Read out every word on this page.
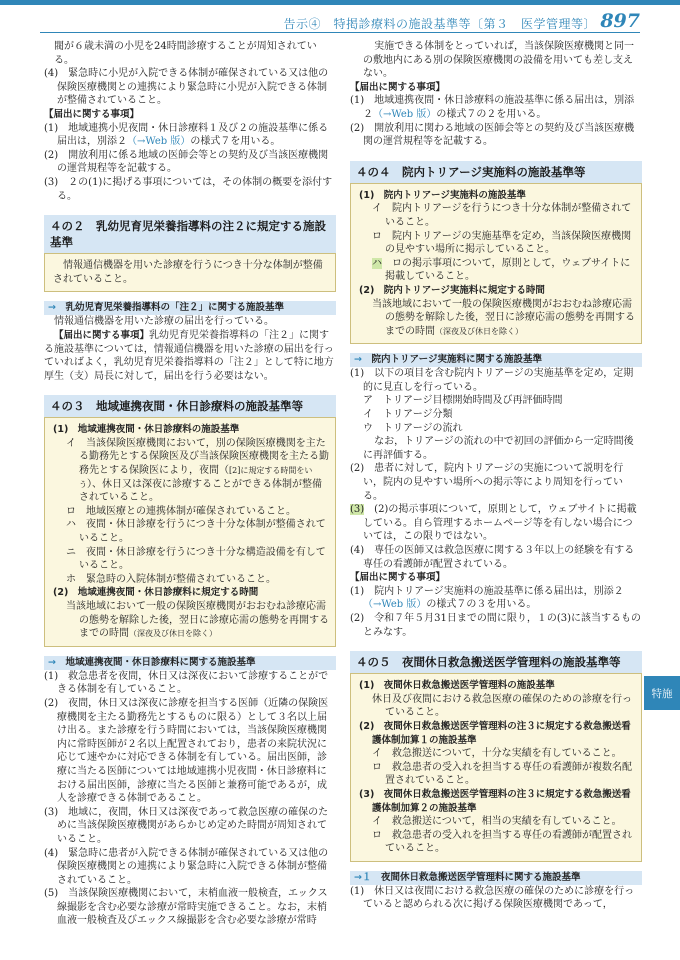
告示④　特掲診療料の施設基準等〔第３　医学管理等〕 897

閥が６歳未満の小児を24時間診療することが周知されてい

る。

(4)　緊急時に小児が入院できる体制が確保されている又は他の保険医療機関との連携により緊急時に小児が入院できる体制が整備されていること。

【届出に関する事項】

(1)　地域連携小児夜間・休日診療料１及び２の施設基準に係る届出は，別添２（→Web 版）の様式７を用いる。

(2)　開放利用に係る地域の医師会等との契約及び当該医療機関の運営規程等を記載する。

(3)　２の(1)に掲げる事項については，その体制の概要を添付する。

４の２　乳幼児育児栄養指導料の注２に規定する施設基準

情報通信機器を用いた診療を行うにつき十分な体制が整備されていること。

→　乳幼児育児栄養指導料の「注２」に関する施設基準

情報通信機器を用いた診療の届出を行っている。

【届出に関する事項】乳幼児育児栄養指導料の「注２」に関する施設基準については，情報通信機器を用いた診療の届出を行っていればよく，乳幼児育児栄養指導料の「注２」として特に地方厚生（支）局長に対して，届出を行う必要はない。

４の３　地域連携夜間・休日診療料の施設基準等

(1)　地域連携夜間・休日診療料の施設基準

イ　当該保険医療機関において，別の保険医療機関を主たる勤務先とする保険医及び当該保険医療機関を主たる勤務先とする保険医により，夜間（[2]に規定する時間をいう）、休日又は深夜に診療することができる体制が整備されていること。

ロ　地域医療との連携体制が確保されていること。

ハ　夜間・休日診療を行うにつき十分な体制が整備されていること。

ニ　夜間・休日診療を行うにつき十分な構造設備を有していること。

ホ　緊急時の入院体制が整備されていること。

(2)　地域連携夜間・休日診療料に規定する時間

当該地域において一般の保険医療機関がおおむね診療応需の態勢を解除した後，翌日に診療応需の態勢を再開するまでの時間（深夜及び休日を除く）

→　地域連携夜間・休日診療料に関する施設基準

(1)　救急患者を夜間，休日又は深夜において診療することができる体制を有していること。

(2)　夜間，休日又は深夜に診療を担当する医師（近隣の保険医療機関を主たる勤務先とするものに限る）として３名以上届け出る。また診療を行う時間においては，当該保険医療機関内に常時医師が２名以上配置されており，患者の来院状況に応じて速やかに対応できる体制を有している。届出医師，診療に当たる医師については地域連携小児夜間・休日診療料における届出医師，診療に当たる医師と兼務可能であるが，成人を診療できる体制であること。

(3)　地域に，夜間，休日又は深夜であって救急医療の確保のために当該保険医療機関があらかじめ定めた時間が周知されていること。

(4)　緊急時に患者が入院できる体制が確保されている又は他の保険医療機関との連携により緊急時に入院できる体制が整備されていること。

(5)　当該保険医療機関において，末梢血液一般検査，エックス線撮影を含む必要な診療が常時実施できること。なお，末梢血液一般検査及びエックス線撮影を含む必要な診療が常時

実施できる体制をとっていれば，当該保険医療機関と同一の敷地内にある別の保険医療機関の設備を用いても差し支えない。

【届出に関する事項】

(1)　地域連携夜間・休日診療料の施設基準に係る届出は，別添２（→Web 版）の様式７の２を用いる。

(2)　開放利用に関わる地域の医師会等との契約及び当該医療機関の運営規程等を記載する。

４の４　院内トリアージ実施料の施設基準等

(1)　院内トリアージ実施料の施設基準

イ　院内トリアージを行うにつき十分な体制が整備されていること。

ロ　院内トリアージの実施基準を定め，当該保険医療機関の見やすい場所に掲示していること。

ハ　ロの掲示事項について，原則として，ウェブサイトに掲載していること。

(2)　院内トリアージ実施料に規定する時間

当該地域において一般の保険医療機関がおおむね診療応需の態勢を解除した後，翌日に診療応需の態勢を再開するまでの時間（深夜及び休日を除く）

→　院内トリアージ実施料に関する施設基準

(1)　以下の項目を含む院内トリアージの実施基準を定め，定期的に見直しを行っている。

ア　トリアージ目標開始時間及び再評価時間

イ　トリアージ分類

ウ　トリアージの流れ

なお，トリアージの流れの中で初回の評価から一定時間後に再評価する。

(2)　患者に対して，院内トリアージの実施について説明を行い，院内の見やすい場所への掲示等により周知を行っている。

(3)　(2)の掲示事項について，原則として，ウェブサイトに掲載している。自ら管理するホームページ等を有しない場合については，この限りではない。

(4)　専任の医師又は救急医療に関する３年以上の経験を有する専任の看護師が配置されている。

【届出に関する事項】

(1)　院内トリアージ実施料の施設基準に係る届出は，別添２（→Web 版）の様式７の３を用いる。

(2)　令和７年５月31日までの間に限り，１の(3)に該当するものとみなす。

４の５　夜間休日救急搬送医学管理料の施設基準等

(1)　夜間休日救急搬送医学管理料の施設基準

休日及び夜間における救急医療の確保のための診療を行っていること。

(2)　夜間休日救急搬送医学管理料の注３に規定する救急搬送看護体制加算１の施設基準

イ　救急搬送について，十分な実績を有していること。

ロ　救急患者の受入れを担当する専任の看護師が複数名配置されていること。

(3)　夜間休日救急搬送医学管理料の注３に規定する救急搬送看護体制加算２の施設基準

イ　救急搬送について，相当の実績を有していること。

ロ　救急患者の受入れを担当する専任の看護師が配置されていること。

→１　 夜間休日救急搬送医学管理料に関する施設基準

(1)　休日又は夜間における救急医療の確保のために診療を行っていると認められる次に掲げる保険医療機関であって，

特施
